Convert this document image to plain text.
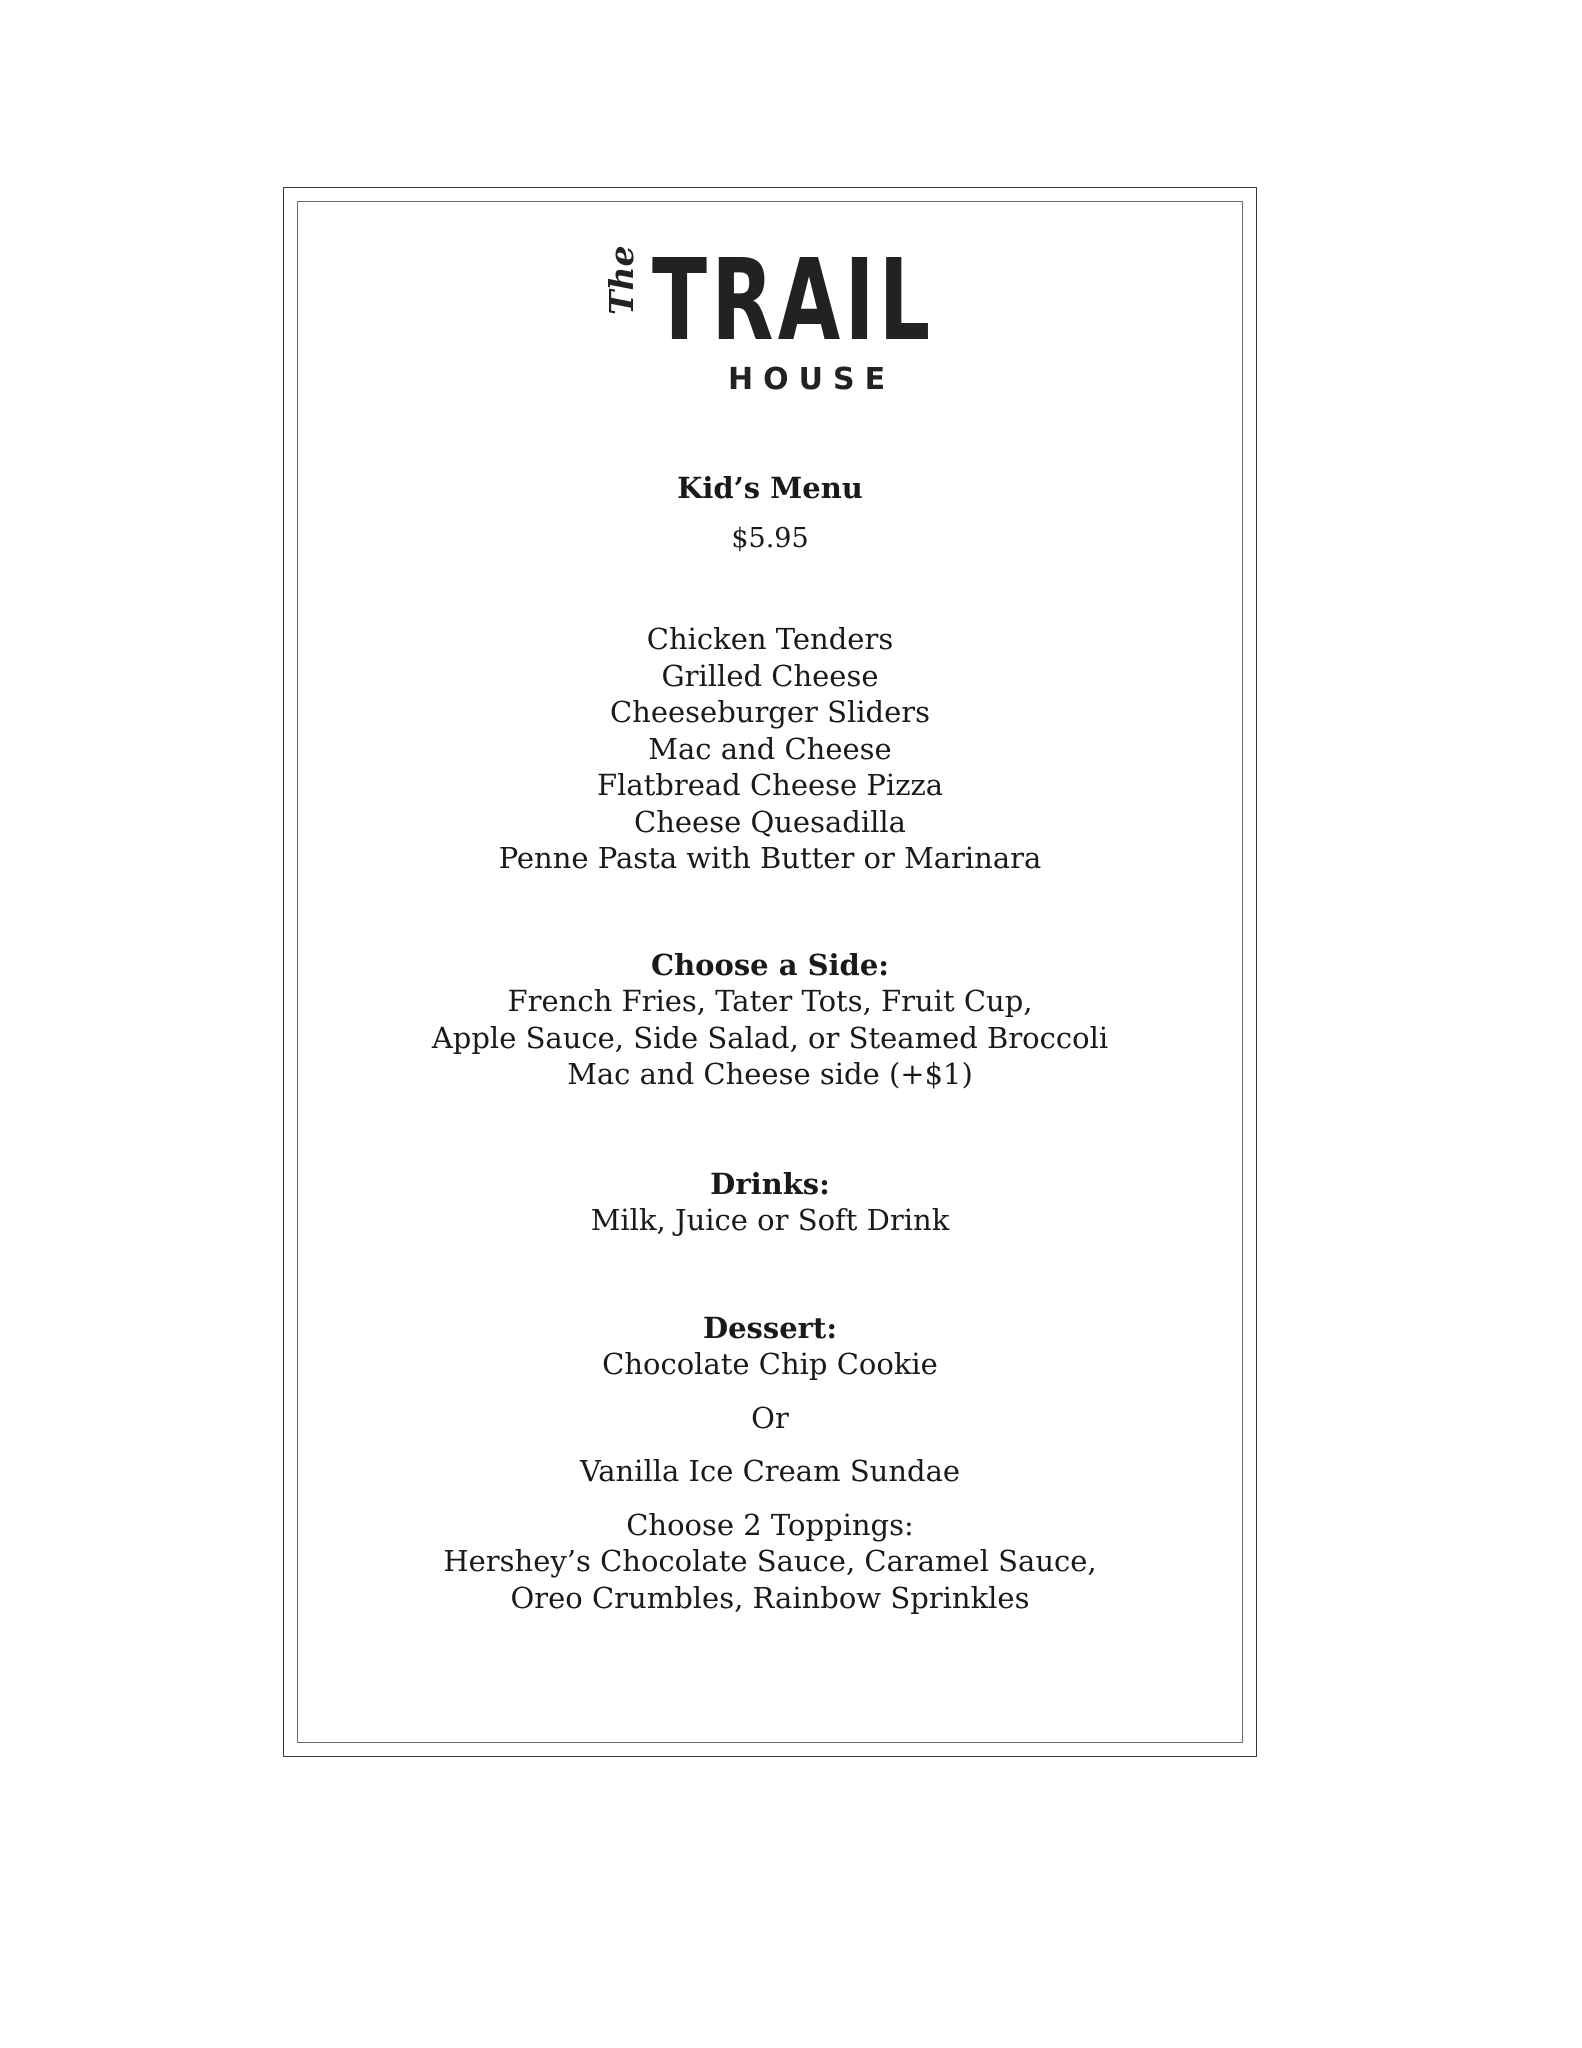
The TRAIL
HOUSE
Kid’s Menu
$5.95
Chicken Tenders
Grilled Cheese
Cheeseburger Sliders
Mac and Cheese
Flatbread Cheese Pizza
Cheese Quesadilla
Penne Pasta with Butter or Marinara
Choose a Side:
French Fries, Tater Tots, Fruit Cup,
Apple Sauce, Side Salad, or Steamed Broccoli
Mac and Cheese side (+$1)
Drinks:
Milk, Juice or Soft Drink
Dessert:
Chocolate Chip Cookie
Or
Vanilla Ice Cream Sundae
Choose 2 Toppings:
Hershey’s Chocolate Sauce, Caramel Sauce,
Oreo Crumbles, Rainbow Sprinkles
